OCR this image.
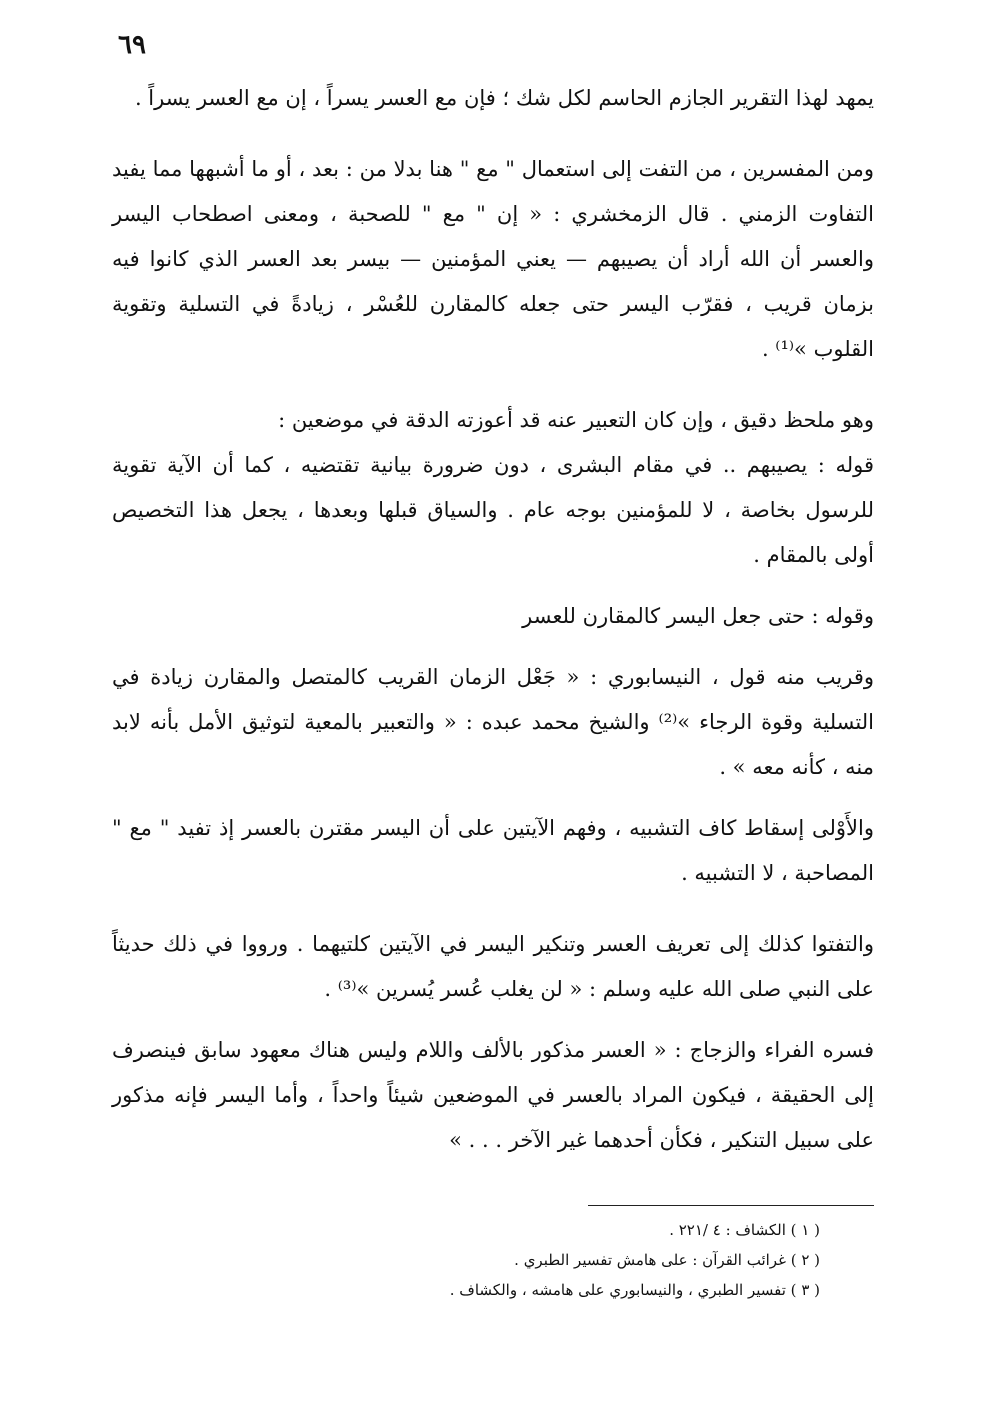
٦٩

يمهد لهذا التقرير الجازم الحاسم لكل شك ؛ فإن مع العسر يسراً ، إن مع العسر يسراً .

ومن المفسرين ، من التفت إلى استعمال " مع " هنا بدلا من : بعد ، أو ما أشبهها مما يفيد التفاوت الزمني . قال الزمخشري : « إن " مع " للصحبة ، ومعنى اصطحاب اليسر والعسر أن الله أراد أن يصيبهم — يعني المؤمنين — بيسر بعد العسر الذي كانوا فيه بزمان قريب ، فقرّب اليسر حتى جعله كالمقارن للعُسْر ، زيادةً في التسلية وتقوية القلوب »⁽¹⁾ .

وهو ملحظ دقيق ، وإن كان التعبير عنه قد أعوزته الدقة في موضعين :

قوله : يصيبهم .. في مقام البشرى ، دون ضرورة بيانية تقتضيه ، كما أن الآية تقوية للرسول بخاصة ، لا للمؤمنين بوجه عام . والسياق قبلها وبعدها ، يجعل هذا التخصيص أولى بالمقام .

وقوله : حتى جعل اليسر كالمقارن للعسر

وقريب منه قول ، النيسابوري : « جَعْل الزمان القريب كالمتصل والمقارن زيادة في التسلية وقوة الرجاء »⁽²⁾ والشيخ محمد عبده : « والتعبير بالمعية لتوثيق الأمل بأنه لابد منه ، كأنه معه » .

والأَوْلى إسقاط كاف التشبيه ، وفهم الآيتين على أن اليسر مقترن بالعسر إذ تفيد " مع " المصاحبة ، لا التشبيه .

والتفتوا كذلك إلى تعريف العسر وتنكير اليسر في الآيتين كلتيهما . ورووا في ذلك حديثاً على النبي صلى الله عليه وسلم : « لن يغلب عُسر يُسرين »⁽³⁾ .

فسره الفراء والزجاج : « العسر مذكور بالألف واللام وليس هناك معهود سابق فينصرف إلى الحقيقة ، فيكون المراد بالعسر في الموضعين شيئاً واحداً ، وأما اليسر فإنه مذكور على سبيل التنكير ، فكأن أحدهما غير الآخر . . . »

( ١ ) الكشاف : ٤ /٢٢١ .
( ٢ ) غرائب القرآن : على هامش تفسير الطبري .
( ٣ ) تفسير الطبري ، والنيسابوري على هامشه ، والكشاف .
